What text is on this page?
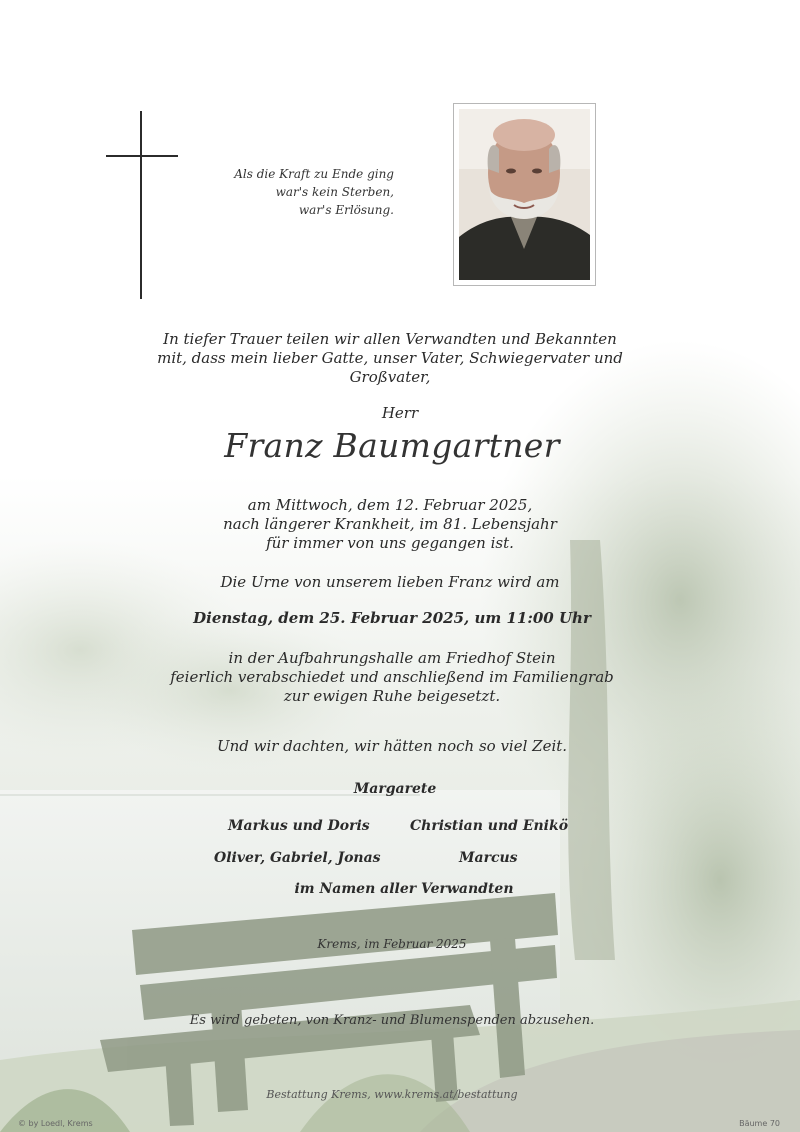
Als die Kraft zu Ende ging
war's kein Sterben,
war's Erlösung.
In tiefer Trauer teilen wir allen Verwandten und Bekannten
mit, dass mein lieber Gatte, unser Vater, Schwiegervater und
Großvater,
Herr
Franz Baumgartner
am Mittwoch, dem 12. Februar 2025,
nach längerer Krankheit, im 81. Lebensjahr
für immer von uns gegangen ist.
Die Urne von unserem lieben Franz wird am
Dienstag, dem 25. Februar 2025, um 11:00 Uhr
in der Aufbahrungshalle am Friedhof Stein
feierlich verabschiedet und anschließend im Familiengrab
zur ewigen Ruhe beigesetzt.
Und wir dachten, wir hätten noch so viel Zeit.
Margarete
Markus und Doris	Christian und Enikö
Oliver, Gabriel, Jonas	Marcus
im Namen aller Verwandten
Krems, im Februar 2025
Es wird gebeten, von Kranz- und Blumenspenden abzusehen.
Bestattung Krems, www.krems.at/bestattung
© by Loedl, Krems	Bäume 70
